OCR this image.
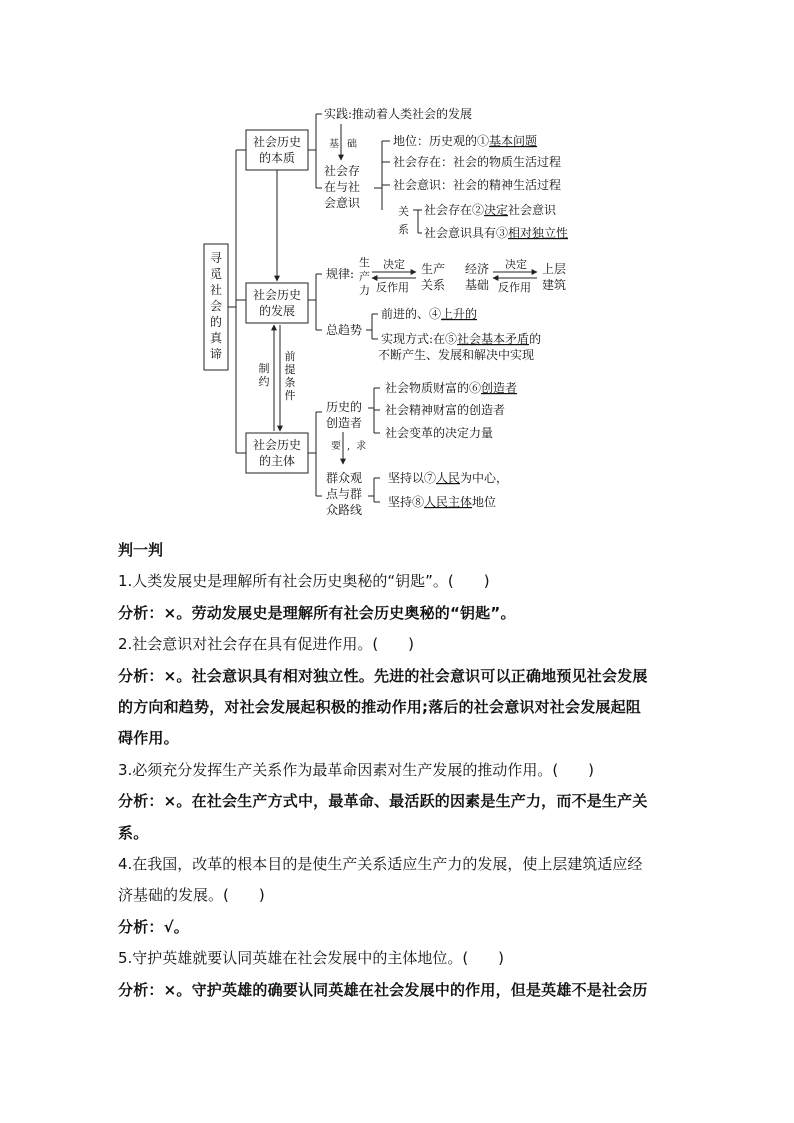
寻觅社会的真谛
社会历史
的本质
社会历史
的发展
社会历史
的主体
制约
前提条件
实践:推动着人类社会的发展
基础
社会存
在与社
会意识
地位：历史观的①基本问题
社会存在：社会的物质生活过程
社会意识：社会的精神生活过程
关
系
社会存在②决定社会意识
社会意识具有③相对独立性
规律:
生
产
力
决定
反作用
生产
关系
经济
基础
决定
反作用
上层
建筑
总趋势
前进的、④上升的
实现方式:在⑤社会基本矛盾的
不断产生、发展和解决中实现
历史的
创造者
社会物质财富的⑥创造者
社会精神财富的创造者
社会变革的决定力量
要,求
群众观
点与群
众路线
坚持以⑦人民为中心，
坚持⑧人民主体地位

判一判

1.人类发展史是理解所有社会历史奥秘的“钥匙”。(　　)

分析：×。劳动发展史是理解所有社会历史奥秘的“钥匙”。

2.社会意识对社会存在具有促进作用。(　　)

分析：×。社会意识具有相对独立性。先进的社会意识可以正确地预见社会发展

的方向和趋势，对社会发展起积极的推动作用;落后的社会意识对社会发展起阻

碍作用。

3.必须充分发挥生产关系作为最革命因素对生产发展的推动作用。(　　)

分析：×。在社会生产方式中，最革命、最活跃的因素是生产力，而不是生产关

系。

4.在我国，改革的根本目的是使生产关系适应生产力的发展，使上层建筑适应经

济基础的发展。(　　)

分析：√。

5.守护英雄就要认同英雄在社会发展中的主体地位。(　　)

分析：×。守护英雄的确要认同英雄在社会发展中的作用，但是英雄不是社会历
